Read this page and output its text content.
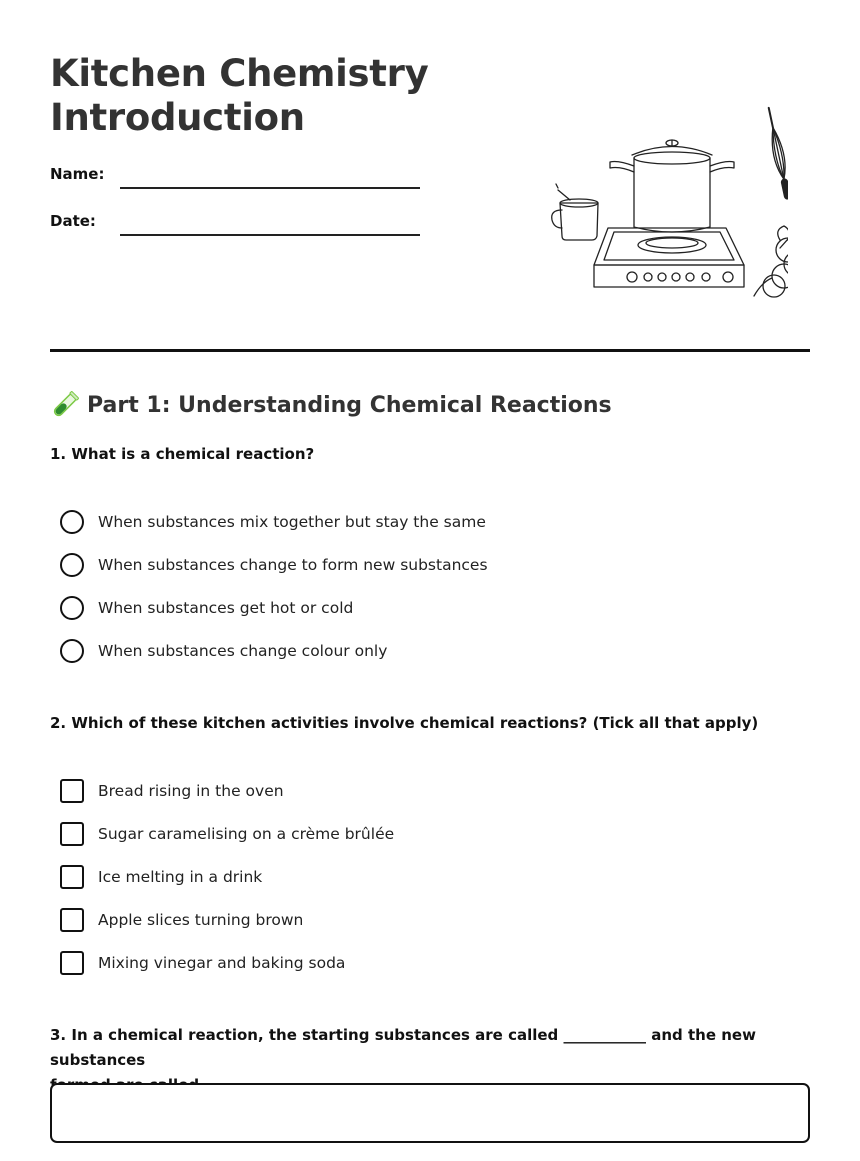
Kitchen Chemistry
Introduction
Name:
Date:
Part 1: Understanding Chemical Reactions
1. What is a chemical reaction?
When substances mix together but stay the same
When substances change to form new substances
When substances get hot or cold
When substances change colour only
2. Which of these kitchen activities involve chemical reactions? (Tick all that apply)
Bread rising in the oven
Sugar caramelising on a crème brûlée
Ice melting in a drink
Apple slices turning brown
Mixing vinegar and baking soda
3. In a chemical reaction, the starting substances are called ___________ and the new substances
